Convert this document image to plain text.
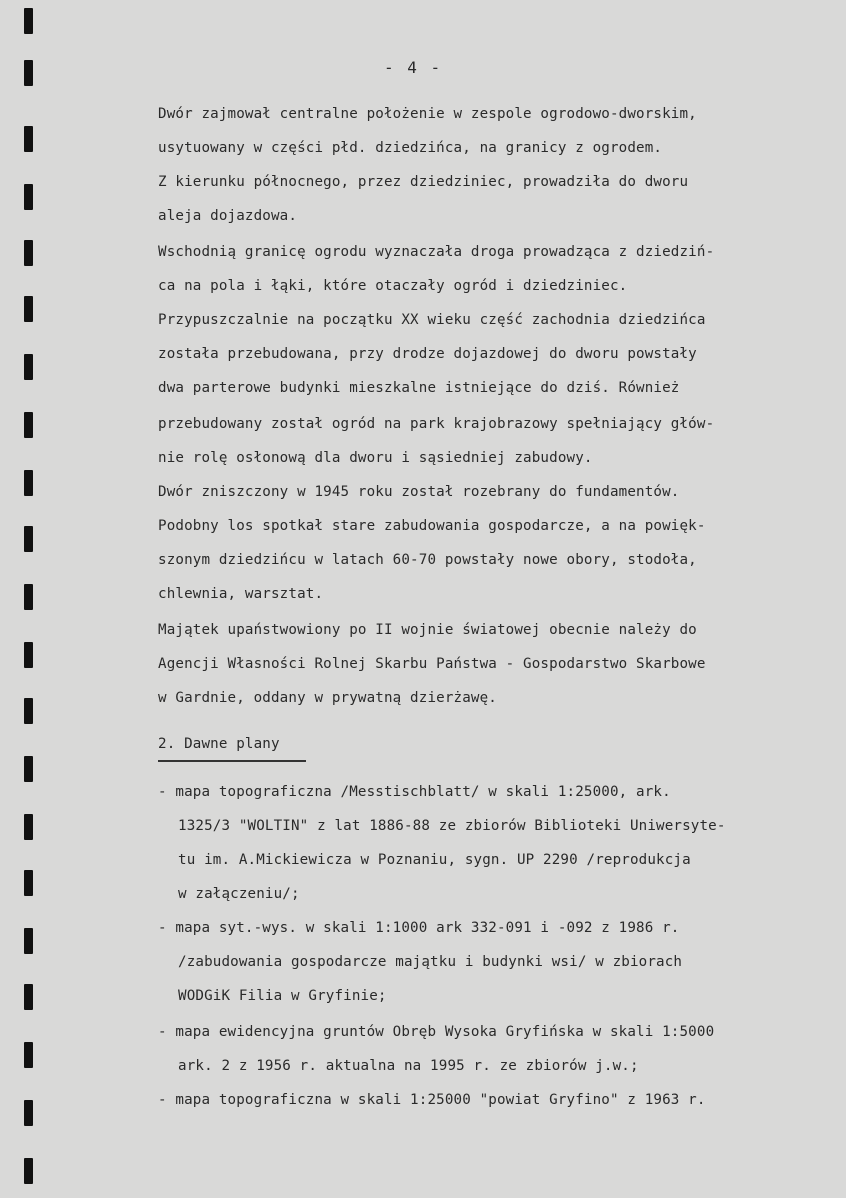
- 4 -
Dwór zajmował centralne położenie w zespole ogrodowo-dworskim,
usytuowany w części płd. dziedzińca, na granicy z ogrodem.
Z kierunku północnego, przez dziedziniec, prowadziła do dworu
aleja dojazdowa.
Wschodnią granicę ogrodu wyznaczała droga prowadząca z dziedziń-
ca na pola i łąki, które otaczały ogród i dziedziniec.
Przypuszczalnie na początku XX wieku część zachodnia dziedzińca
została przebudowana, przy drodze dojazdowej do dworu powstały
dwa parterowe budynki mieszkalne istniejące do dziś. Również
przebudowany został ogród na park krajobrazowy spełniający głów-
nie rolę osłonową dla dworu i sąsiedniej zabudowy.
Dwór zniszczony w 1945 roku został rozebrany do fundamentów.
Podobny los spotkał stare zabudowania gospodarcze, a na powięk-
szonym dziedzińcu w latach 60-70 powstały nowe obory, stodoła,
chlewnia, warsztat.
Majątek upaństwowiony po II wojnie światowej obecnie należy do
Agencji Własności Rolnej Skarbu Państwa - Gospodarstwo Skarbowe
w Gardnie, oddany w prywatną dzierżawę.
2. Dawne plany
- mapa topograficzna /Messtischblatt/ w skali 1:25000, ark.
1325/3 "WOLTIN" z lat 1886-88 ze zbiorów Biblioteki Uniwersyte-
tu im. A.Mickiewicza w Poznaniu, sygn. UP 2290 /reprodukcja
w załączeniu/;
- mapa syt.-wys. w skali 1:1000 ark 332-091 i -092 z 1986 r.
/zabudowania gospodarcze majątku i budynki wsi/ w zbiorach
WODGiK Filia w Gryfinie;
- mapa ewidencyjna gruntów Obręb Wysoka Gryfińska w skali 1:5000
ark. 2 z 1956 r. aktualna na 1995 r. ze zbiorów j.w.;
- mapa topograficzna w skali 1:25000 "powiat Gryfino" z 1963 r.
